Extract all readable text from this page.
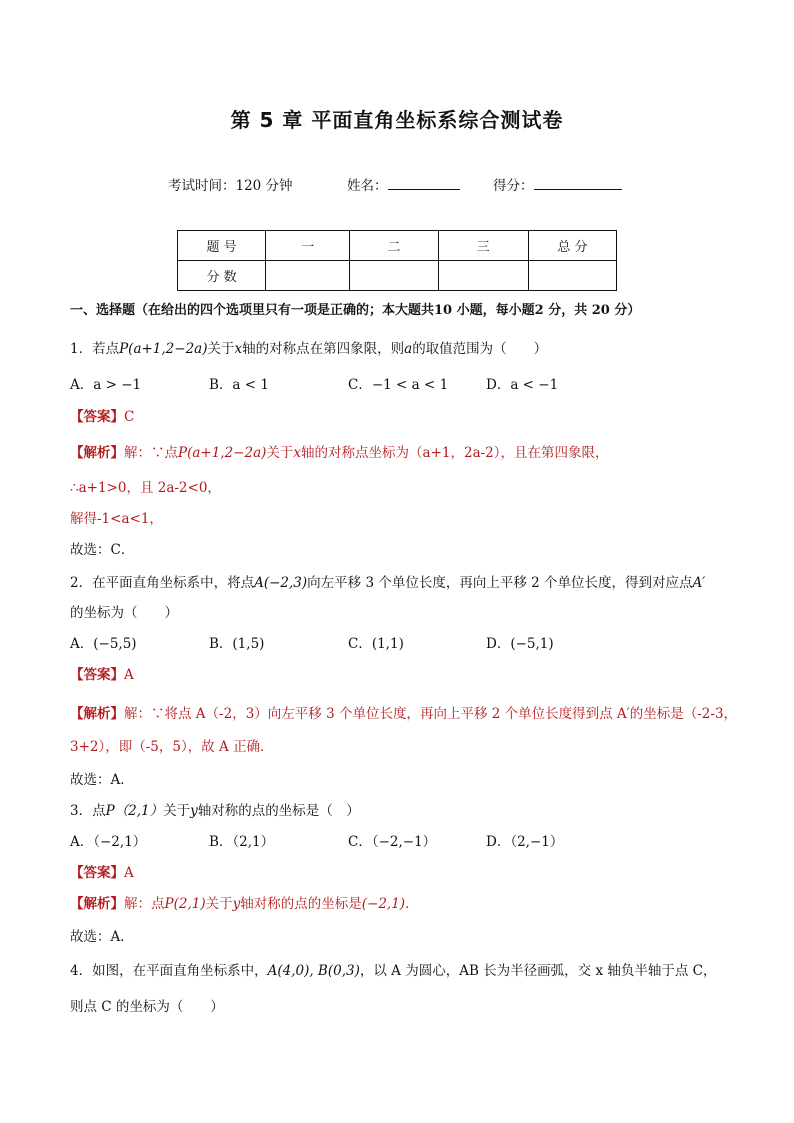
第 5 章 平面直角坐标系综合测试卷
考试时间：120 分钟	姓名：	得分：
题 号	一	二	三	总 分
分 数				
一、选择题（在给出的四个选项里只有一项是正确的；本大题共10 小题，每小题2 分，共 20 分）
1．若点P(a+1,2−2a)关于x轴的对称点在第四象限，则a的取值范围为（　　）
A．a > −1	B．a < 1	C．−1 < a < 1	D．a < −1
【答案】C
【解析】解：∵点P(a+1,2−2a)关于x轴的对称点坐标为（a+1，2a-2），且在第四象限，
∴a+1>0，且 2a-2<0，
解得-1<a<1，
故选：C．
2．在平面直角坐标系中，将点A(−2,3)向左平移 3 个单位长度，再向上平移 2 个单位长度，得到对应点A′
的坐标为（　　）
A．(−5,5)	B．(1,5)	C．(1,1)	D．(−5,1)
【答案】A
【解析】解：∵将点 A（-2，3）向左平移 3 个单位长度，再向上平移 2 个单位长度得到点 A′的坐标是（-2-3，
3+2），即（-5，5），故 A 正确．
故选：A．
3．点P（2,1）关于y轴对称的点的坐标是（　）
A．（−2,1）	B．（2,1）	C．（−2,−1）	D．（2,−1）
【答案】A
【解析】解：点P(2,1)关于y轴对称的点的坐标是(−2,1)．
故选：A．
4．如图，在平面直角坐标系中，A(4,0), B(0,3)，以 A 为圆心，AB 长为半径画弧，交 x 轴负半轴于点 C，
则点 C 的坐标为（　　）
